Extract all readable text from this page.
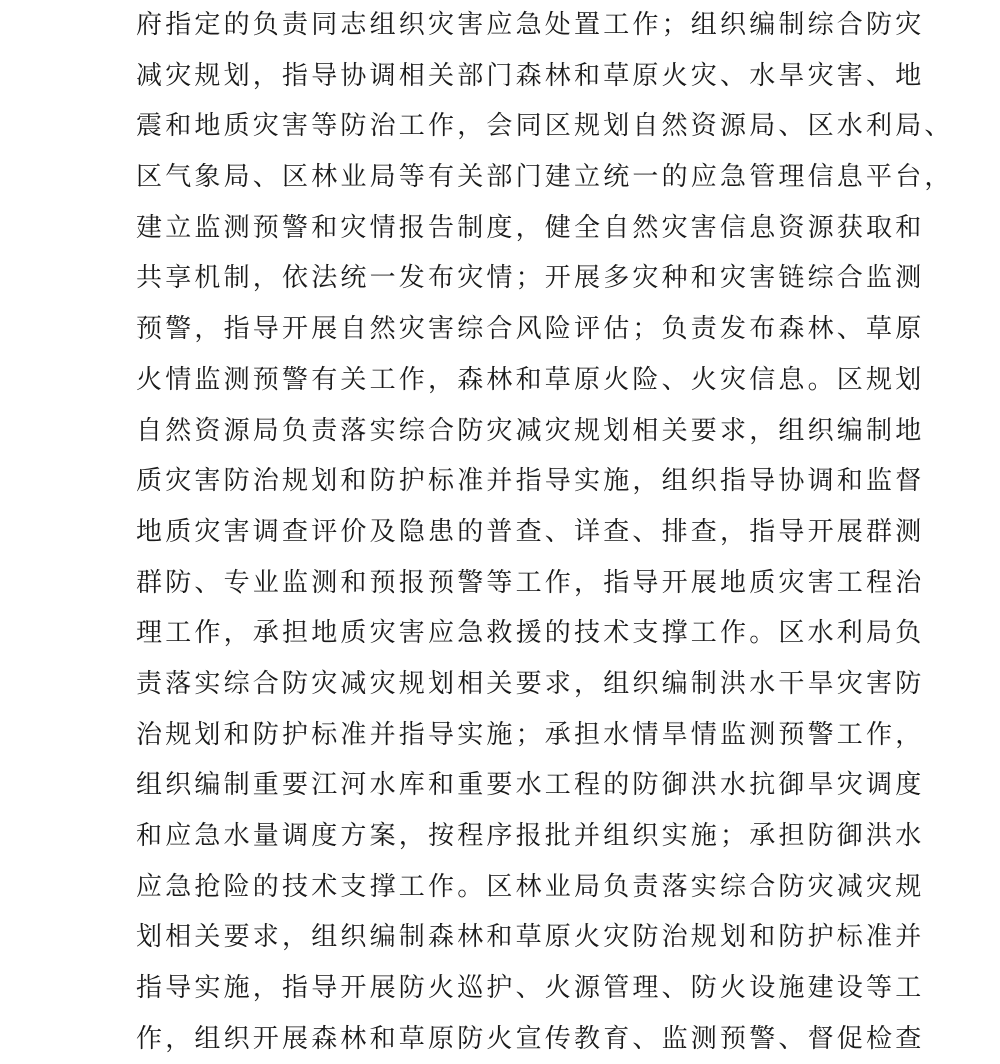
府指定的负责同志组织灾害应急处置工作；组织编制综合防灾
减灾规划，指导协调相关部门森林和草原火灾、水旱灾害、地
震和地质灾害等防治工作，会同区规划自然资源局、区水利局、
区气象局、区林业局等有关部门建立统一的应急管理信息平台，
建立监测预警和灾情报告制度，健全自然灾害信息资源获取和
共享机制，依法统一发布灾情；开展多灾种和灾害链综合监测
预警，指导开展自然灾害综合风险评估；负责发布森林、草原
火情监测预警有关工作，森林和草原火险、火灾信息。区规划
自然资源局负责落实综合防灾减灾规划相关要求，组织编制地
质灾害防治规划和防护标准并指导实施，组织指导协调和监督
地质灾害调查评价及隐患的普查、详查、排查，指导开展群测
群防、专业监测和预报预警等工作，指导开展地质灾害工程治
理工作，承担地质灾害应急救援的技术支撑工作。区水利局负
责落实综合防灾减灾规划相关要求，组织编制洪水干旱灾害防
治规划和防护标准并指导实施；承担水情旱情监测预警工作，
组织编制重要江河水库和重要水工程的防御洪水抗御旱灾调度
和应急水量调度方案，按程序报批并组织实施；承担防御洪水
应急抢险的技术支撑工作。区林业局负责落实综合防灾减灾规
划相关要求，组织编制森林和草原火灾防治规划和防护标准并
指导实施，指导开展防火巡护、火源管理、防火设施建设等工
作，组织开展森林和草原防火宣传教育、监测预警、督促检查
